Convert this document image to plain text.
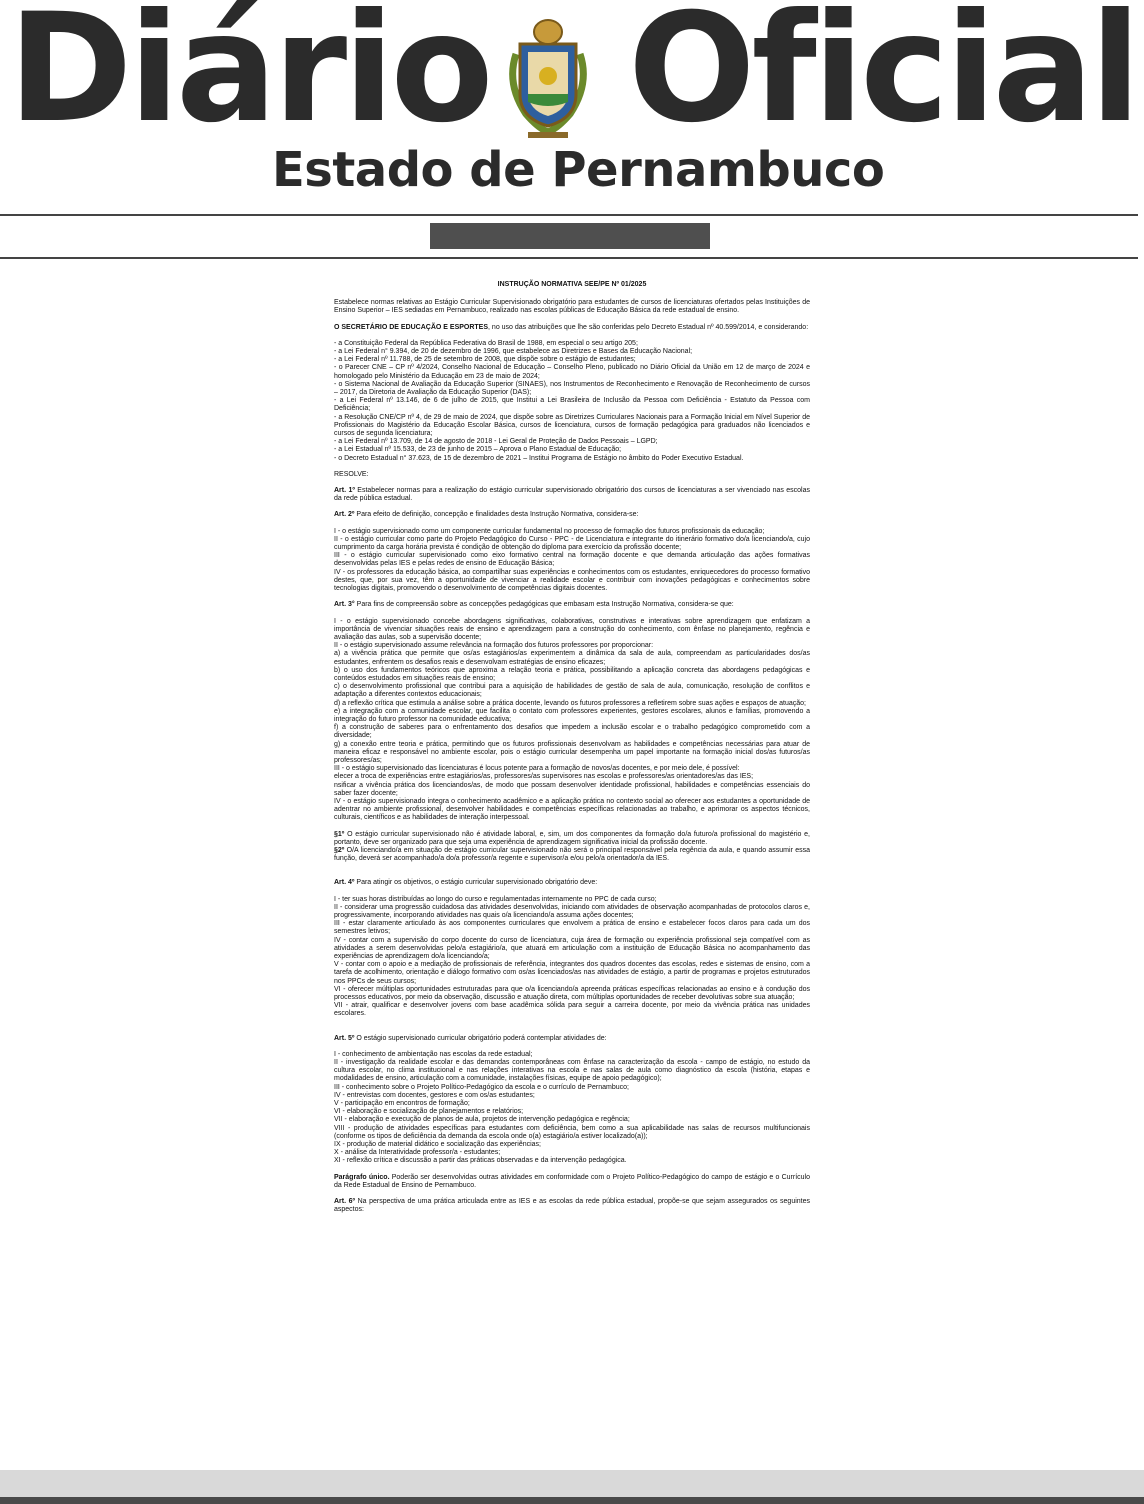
Diário Oficial
Estado de Pernambuco

INSTRUÇÃO NORMATIVA SEE/PE Nº 01/2025

Estabelece normas relativas ao Estágio Curricular Supervisionado obrigatório para estudantes de cursos de licenciaturas ofertados pelas Instituições de Ensino Superior – IES sediadas em Pernambuco, realizado nas escolas públicas de Educação Básica da rede estadual de ensino.

O SECRETÁRIO DE EDUCAÇÃO E ESPORTES, no uso das atribuições que lhe são conferidas pelo Decreto Estadual nº 40.599/2014, e considerando:

- a Constituição Federal da República Federativa do Brasil de 1988, em especial o seu artigo 205;

- a Lei Federal n° 9.394, de 20 de dezembro de 1996, que estabelece as Diretrizes e Bases da Educação Nacional;

- a Lei Federal nº 11.788, de 25 de setembro de 2008, que dispõe sobre o estágio de estudantes;

- o Parecer CNE – CP nº 4/2024, Conselho Nacional de Educação – Conselho Pleno, publicado no Diário Oficial da União em 12 de março de 2024 e homologado pelo Ministério da Educação em 23 de maio de 2024;

- o Sistema Nacional de Avaliação da Educação Superior (SINAES), nos Instrumentos de Reconhecimento e Renovação de Reconhecimento de cursos – 2017, da Diretoria de Avaliação da Educação Superior (DAS);

- a Lei Federal nº 13.146, de 6 de julho de 2015, que Institui a Lei Brasileira de Inclusão da Pessoa com Deficiência - Estatuto da Pessoa com Deficiência;

- a Resolução CNE/CP nº 4, de 29 de maio de 2024, que dispõe sobre as Diretrizes Curriculares Nacionais para a Formação Inicial em Nível Superior de Profissionais do Magistério da Educação Escolar Básica, cursos de licenciatura, cursos de formação pedagógica para graduados não licenciados e cursos de segunda licenciatura;

- a Lei Federal nº 13.709, de 14 de agosto de 2018 - Lei Geral de Proteção de Dados Pessoais – LGPD;

- a Lei Estadual nº 15.533, de 23 de junho de 2015 – Aprova o Plano Estadual de Educação;

- o Decreto Estadual n° 37.623, de 15 de dezembro de 2021 – Institui Programa de Estágio no âmbito do Poder Executivo Estadual.

RESOLVE:

Art. 1º Estabelecer normas para a realização do estágio curricular supervisionado obrigatório dos cursos de licenciaturas a ser vivenciado nas escolas da rede pública estadual.

Art. 2º Para efeito de definição, concepção e finalidades desta Instrução Normativa, considera-se:

I - o estágio supervisionado como um componente curricular fundamental no processo de formação dos futuros profissionais da educação;

II - o estágio curricular como parte do Projeto Pedagógico do Curso - PPC - de Licenciatura e integrante do itinerário formativo do/a licenciando/a, cujo cumprimento da carga horária prevista é condição de obtenção do diploma para exercício da profissão docente;

III - o estágio curricular supervisionado como eixo formativo central na formação docente e que demanda articulação das ações formativas desenvolvidas pelas IES e pelas redes de ensino de Educação Básica;

IV - os professores da educação básica, ao compartilhar suas experiências e conhecimentos com os estudantes, enriquecedores do processo formativo destes, que, por sua vez, têm a oportunidade de vivenciar a realidade escolar e contribuir com inovações pedagógicas e conhecimentos sobre tecnologias digitais, promovendo o desenvolvimento de competências digitais docentes.

Art. 3° Para fins de compreensão sobre as concepções pedagógicas que embasam esta Instrução Normativa, considera-se que:

I - o estágio supervisionado concebe abordagens significativas, colaborativas, construtivas e interativas sobre aprendizagem que enfatizam a importância de vivenciar situações reais de ensino e aprendizagem para a construção do conhecimento, com ênfase no planejamento, regência e avaliação das aulas, sob a supervisão docente;

II - o estágio supervisionado assume relevância na formação dos futuros professores por proporcionar:

a) a vivência prática que permite que os/as estagiários/as experimentem a dinâmica da sala de aula, compreendam as particularidades dos/as estudantes, enfrentem os desafios reais e desenvolvam estratégias de ensino eficazes;

b) o uso dos fundamentos teóricos que aproxima a relação teoria e prática, possibilitando a aplicação concreta das abordagens pedagógicas e conteúdos estudados em situações reais de ensino;

c) o desenvolvimento profissional que contribui para a aquisição de habilidades de gestão de sala de aula, comunicação, resolução de conflitos e adaptação a diferentes contextos educacionais;

d) a reflexão crítica que estimula a análise sobre a prática docente, levando os futuros professores a refletirem sobre suas ações e espaços de atuação;

e) a integração com a comunidade escolar, que facilita o contato com professores experientes, gestores escolares, alunos e famílias, promovendo a integração do futuro professor na comunidade educativa;

f) a construção de saberes para o enfrentamento dos desafios que impedem a inclusão escolar e o trabalho pedagógico comprometido com a diversidade;

g) a conexão entre teoria e prática, permitindo que os futuros profissionais desenvolvam as habilidades e competências necessárias para atuar de maneira eficaz e responsável no ambiente escolar, pois o estágio curricular desempenha um papel importante na formação inicial dos/as futuros/as professores/as;

III - o estágio supervisionado das licenciaturas é locus potente para a formação de novos/as docentes, e por meio dele, é possível:

elecer a troca de experiências entre estagiários/as, professores/as supervisores nas escolas e professores/as orientadores/as das IES;

nsificar a vivência prática dos licenciandos/as, de modo que possam desenvolver identidade profissional, habilidades e competências essenciais do saber fazer docente;

IV - o estágio supervisionado integra o conhecimento acadêmico e a aplicação prática no contexto social ao oferecer aos estudantes a oportunidade de adentrar no ambiente profissional, desenvolver habilidades e competências específicas relacionadas ao trabalho, e aprimorar os aspectos técnicos, culturais, científicos e as habilidades de interação interpessoal.

§1º O estágio curricular supervisionado não é atividade laboral, e, sim, um dos componentes da formação do/a futuro/a profissional do magistério e, portanto, deve ser organizado para que seja uma experiência de aprendizagem significativa inicial da profissão docente.

§2º O/A licenciando/a em situação de estágio curricular supervisionado não será o principal responsável pela regência da aula, e quando assumir essa função, deverá ser acompanhado/a do/a professor/a regente e supervisor/a e/ou pelo/a orientador/a da IES.

Art. 4º Para atingir os objetivos, o estágio curricular supervisionado obrigatório deve:

I - ter suas horas distribuídas ao longo do curso e regulamentadas internamente no PPC de cada curso;

II - considerar uma progressão cuidadosa das atividades desenvolvidas, iniciando com atividades de observação acompanhadas de protocolos claros e, progressivamente, incorporando atividades nas quais o/a licenciando/a assuma ações docentes;

III - estar claramente articulado às aos componentes curriculares que envolvem a prática de ensino e estabelecer focos claros para cada um dos semestres letivos;

IV - contar com a supervisão do corpo docente do curso de licenciatura, cuja área de formação ou experiência profissional seja compatível com as atividades a serem desenvolvidas pelo/a estagiário/a, que atuará em articulação com a instituição de Educação Básica no acompanhamento das experiências de aprendizagem do/a licenciando/a;

V - contar com o apoio e a mediação de profissionais de referência, integrantes dos quadros docentes das escolas, redes e sistemas de ensino, com a tarefa de acolhimento, orientação e diálogo formativo com os/as licenciados/as nas atividades de estágio, a partir de programas e projetos estruturados nos PPCs de seus cursos;

VI - oferecer múltiplas oportunidades estruturadas para que o/a licenciando/a apreenda práticas específicas relacionadas ao ensino e à condução dos processos educativos, por meio da observação, discussão e atuação direta, com múltiplas oportunidades de receber devolutivas sobre sua atuação;

VII - atrair, qualificar e desenvolver jovens com base acadêmica sólida para seguir a carreira docente, por meio da vivência prática nas unidades escolares.

Art. 5º O estágio supervisionado curricular obrigatório poderá contemplar atividades de:

I - conhecimento de ambientação nas escolas da rede estadual;

II - investigação da realidade escolar e das demandas contemporâneas com ênfase na caracterização da escola - campo de estágio, no estudo da cultura escolar, no clima institucional e nas relações interativas na escola e nas salas de aula como diagnóstico da escola (história, etapas e modalidades de ensino, articulação com a comunidade, instalações físicas, equipe de apoio pedagógico);

III - conhecimento sobre o Projeto Político-Pedagógico da escola e o currículo de Pernambuco;

IV - entrevistas com docentes, gestores e com os/as estudantes;

V - participação em encontros de formação;

VI - elaboração e socialização de planejamentos e relatórios;

VII - elaboração e execução de planos de aula, projetos de intervenção pedagógica e regência;

VIII - produção de atividades específicas para estudantes com deficiência, bem como a sua aplicabilidade nas salas de recursos multifuncionais (conforme os tipos de deficiência da demanda da escola onde o(a) estagiário/a estiver localizado(a));

IX - produção de material didático e socialização das experiências;

X - análise da Interatividade professor/a - estudantes;

XI - reflexão crítica e discussão a partir das práticas observadas e da intervenção pedagógica.

Parágrafo único. Poderão ser desenvolvidas outras atividades em conformidade com o Projeto Político-Pedagógico do campo de estágio e o Currículo da Rede Estadual de Ensino de Pernambuco.

Art. 6º Na perspectiva de uma prática articulada entre as IES e as escolas da rede pública estadual, propõe-se que sejam assegurados os seguintes aspectos:
